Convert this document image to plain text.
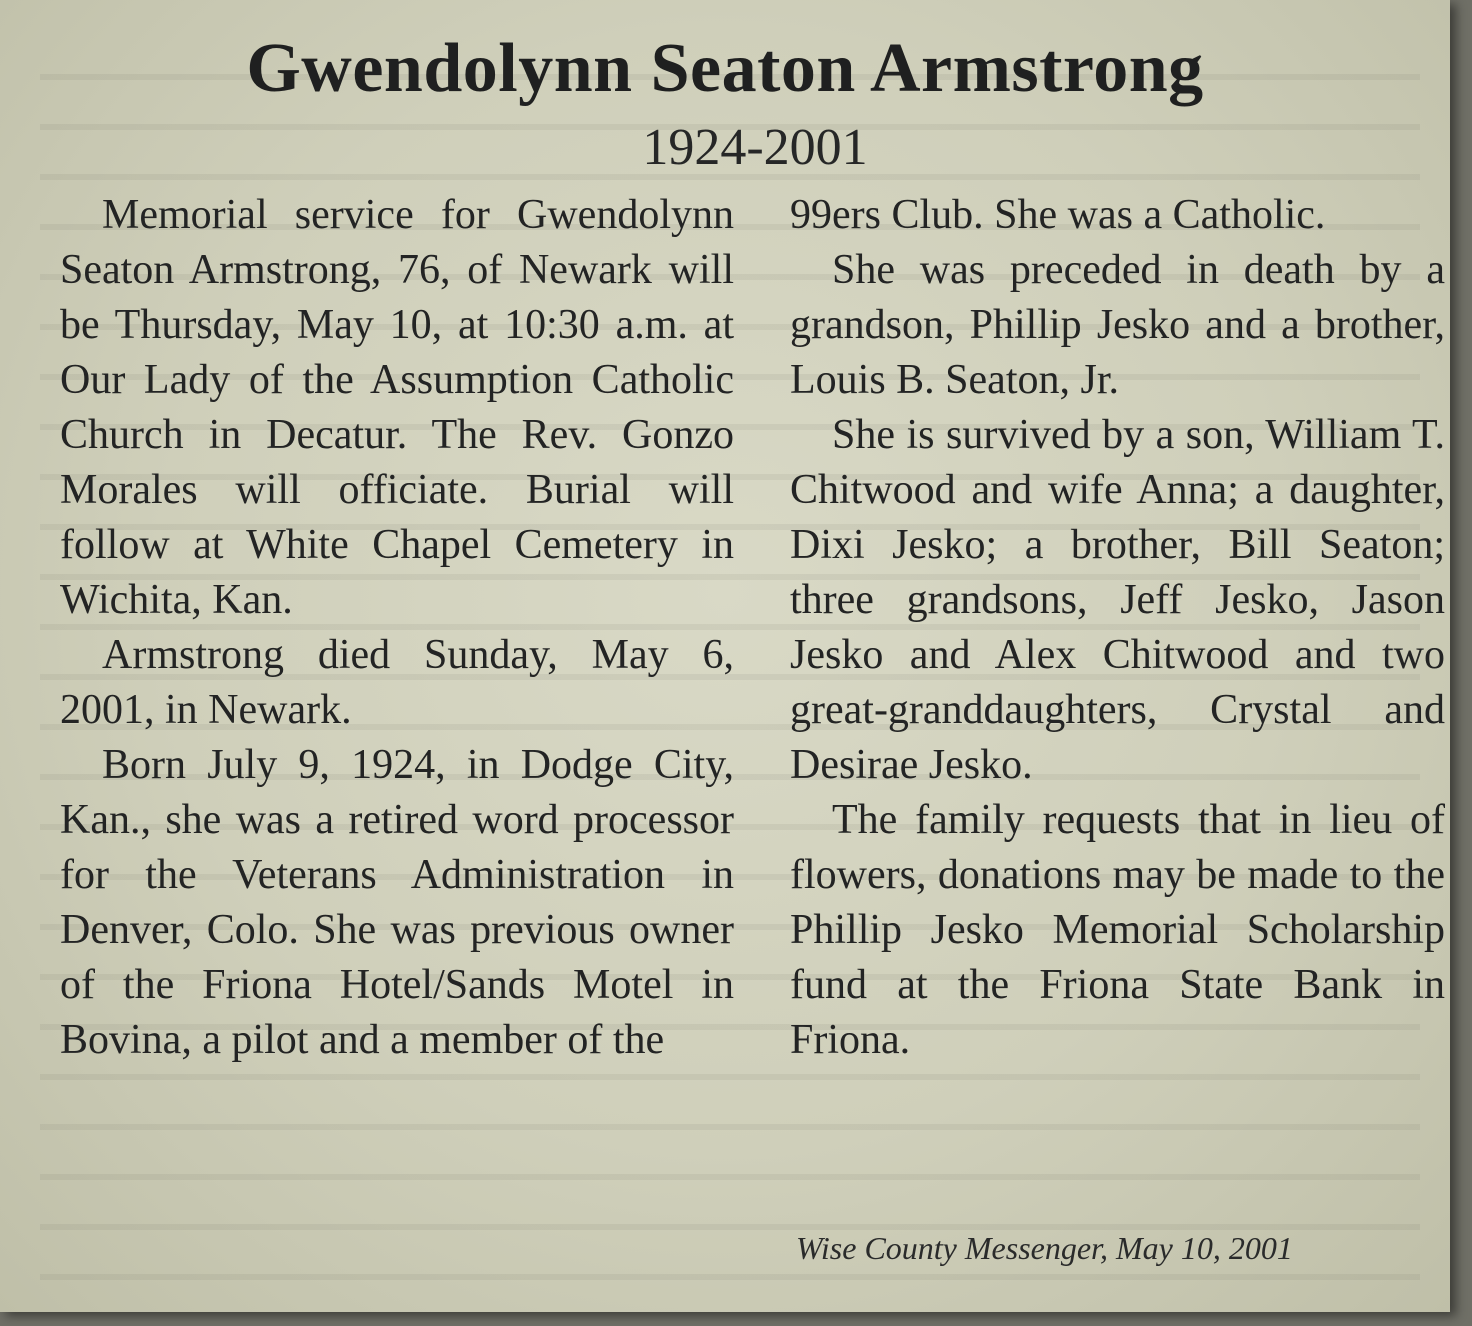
Gwendolynn Seaton Armstrong
1924-2001

Memorial service for Gwendolynn Seaton Armstrong, 76, of Newark will be Thursday, May 10, at 10:30 a.m. at Our Lady of the Assumption Catholic Church in Decatur. The Rev. Gonzo Morales will officiate. Burial will follow at White Chapel Cemetery in Wichita, Kan.

Armstrong died Sunday, May 6, 2001, in Newark.

Born July 9, 1924, in Dodge City, Kan., she was a retired word processor for the Veterans Administration in Denver, Colo. She was previous owner of the Friona Hotel/Sands Motel in Bovina, a pilot and a member of the

99ers Club. She was a Catholic.

She was preceded in death by a grandson, Phillip Jesko and a brother, Louis B. Seaton, Jr.

She is survived by a son, William T. Chitwood and wife Anna; a daughter, Dixi Jesko; a brother, Bill Seaton; three grandsons, Jeff Jesko, Jason Jesko and Alex Chitwood and two great-granddaughters, Crystal and Desirae Jesko.

The family requests that in lieu of flowers, donations may be made to the Phillip Jesko Memorial Scholarship fund at the Friona State Bank in Friona.

Wise County Messenger, May 10, 2001
